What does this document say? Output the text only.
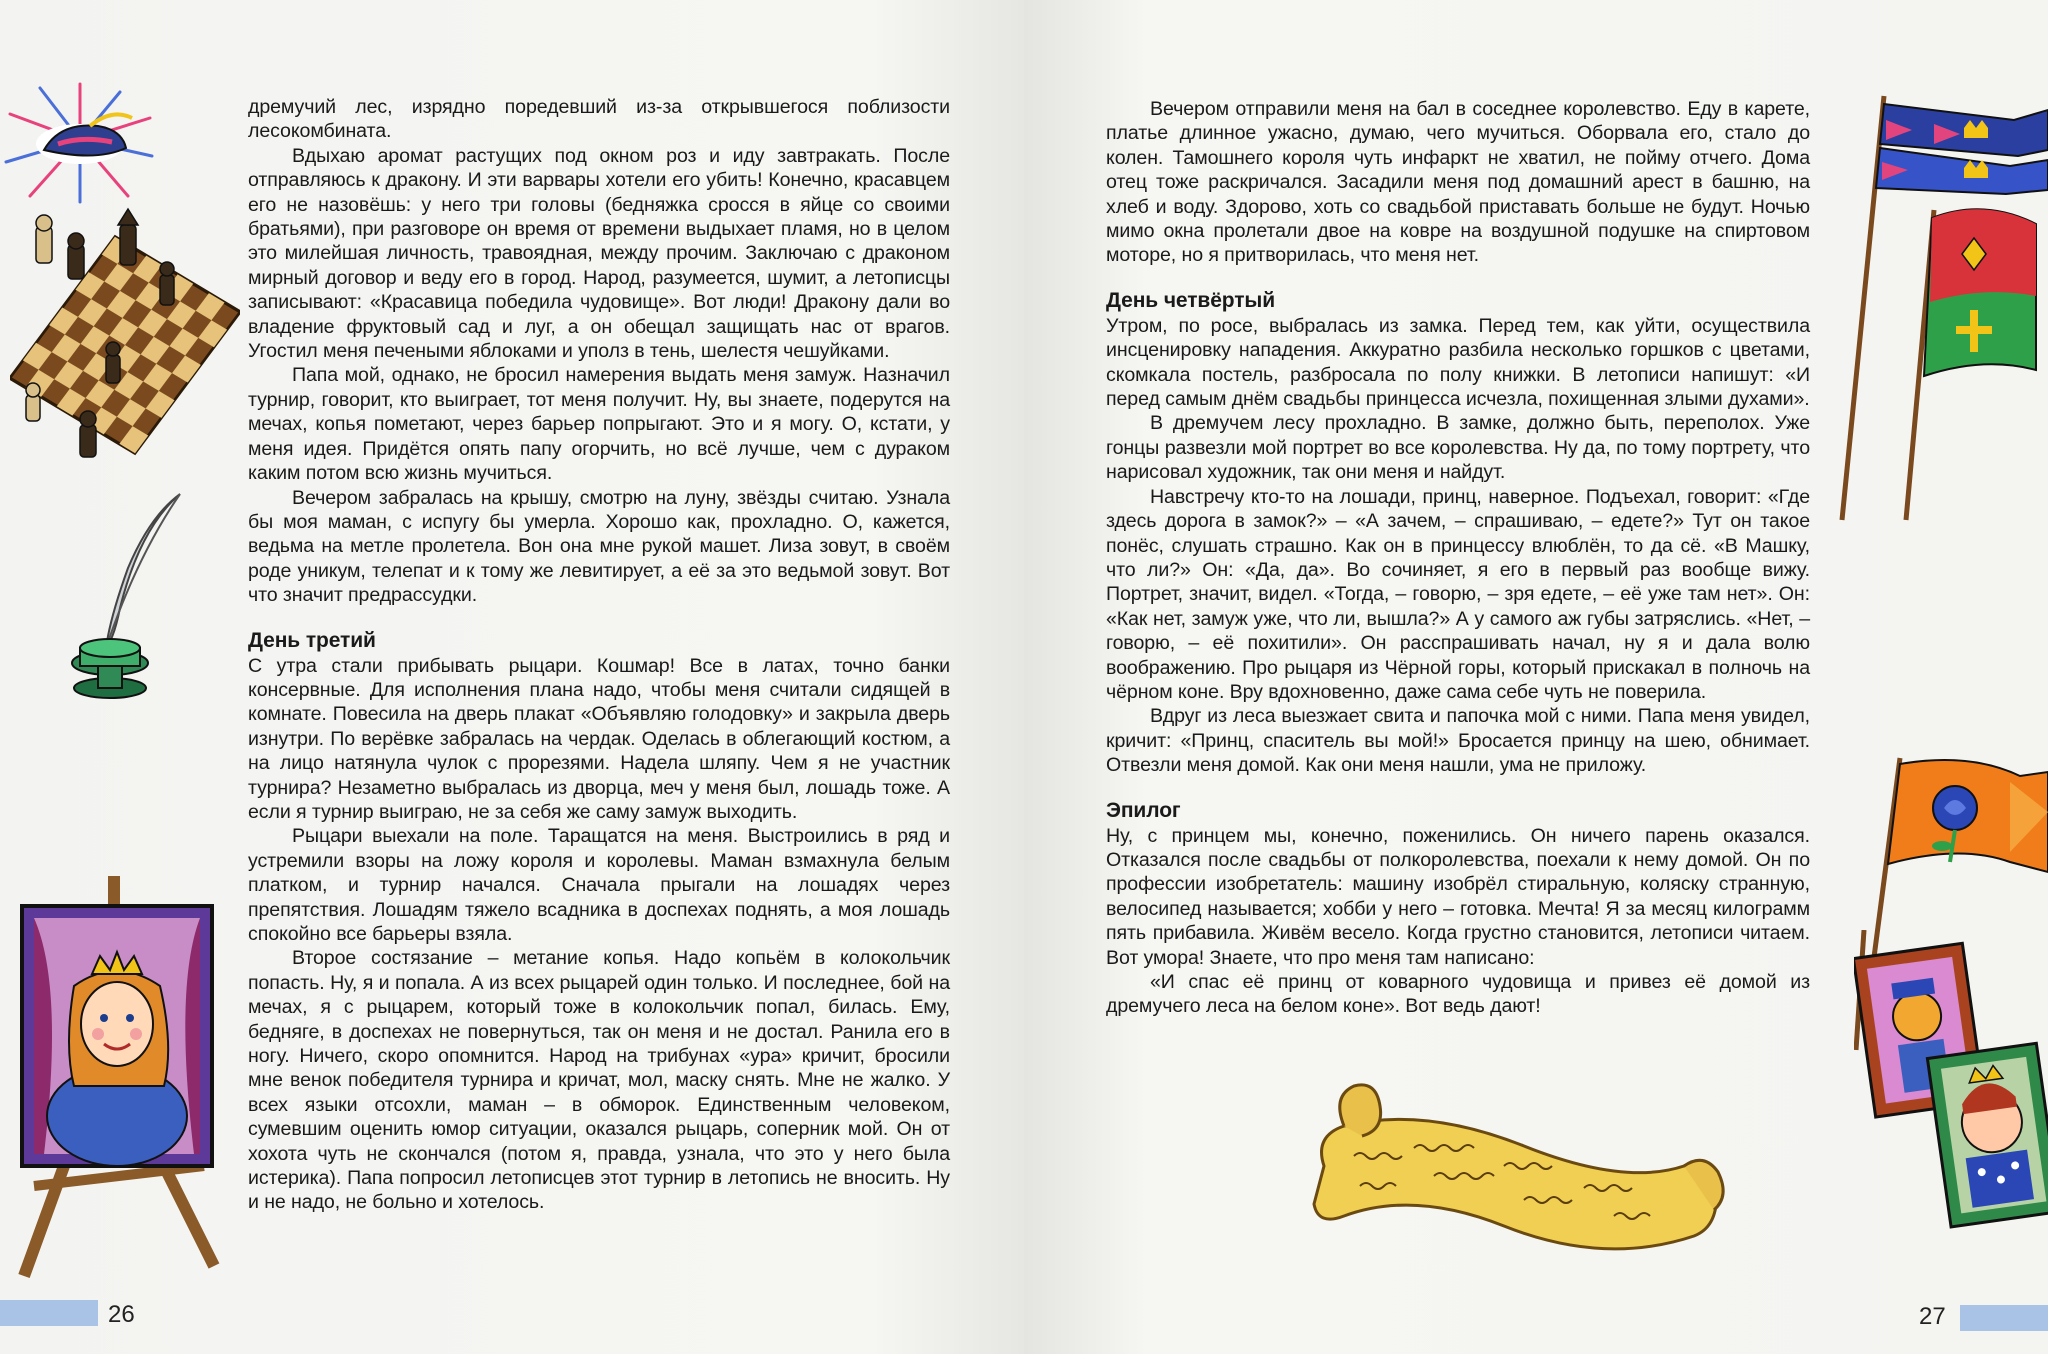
дремучий лес, изрядно поредевший из-за открывшегося поблизости лесокомбината.

Вдыхаю аромат растущих под окном роз и иду завтракать. После отправляюсь к дракону. И эти варвары хотели его убить! Конечно, красавцем его не назовёшь: у него три головы (бедняжка сросся в яйце со своими братьями), при разговоре он время от времени выдыхает пламя, но в целом это милейшая личность, травоядная, между прочим. Заключаю с драконом мирный договор и веду его в город. Народ, разумеется, шумит, а летописцы записывают: «Красавица победила чудовище». Вот люди! Дракону дали во владение фруктовый сад и луг, а он обещал защищать нас от врагов. Угостил меня печеными яблоками и уполз в тень, шелестя чешуйками.

Папа мой, однако, не бросил намерения выдать меня замуж. Назначил турнир, говорит, кто выиграет, тот меня получит. Ну, вы знаете, подерутся на мечах, копья пометают, через барьер попрыгают. Это и я могу. О, кстати, у меня идея. Придётся опять папу огорчить, но всё лучше, чем с дураком каким потом всю жизнь мучиться.

Вечером забралась на крышу, смотрю на луну, звёзды считаю. Узнала бы моя маман, с испугу бы умерла. Хорошо как, прохладно. О, кажется, ведьма на метле пролетела. Вон она мне рукой машет. Лиза зовут, в своём роде уникум, телепат и к тому же левитирует, а её за это ведьмой зовут. Вот что значит предрассудки.

День третий

С утра стали прибывать рыцари. Кошмар! Все в латах, точно банки консервные. Для исполнения плана надо, чтобы меня считали сидящей в комнате. Повесила на дверь плакат «Объявляю голодовку» и закрыла дверь изнутри. По верёвке забралась на чердак. Оделась в облегающий костюм, а на лицо натянула чулок с прорезями. Надела шляпу. Чем я не участник турнира? Незаметно выбралась из дворца, меч у меня был, лошадь тоже. А если я турнир выиграю, не за себя же саму замуж выходить.

Рыцари выехали на поле. Таращатся на меня. Выстроились в ряд и устремили взоры на ложу короля и королевы. Маман взмахнула белым платком, и турнир начался. Сначала прыгали на лошадях через препятствия. Лошадям тяжело всадника в доспехах поднять, а моя лошадь спокойно все барьеры взяла.

Второе состязание – метание копья. Надо копьём в колокольчик попасть. Ну, я и попала. А из всех рыцарей один только. И последнее, бой на мечах, я с рыцарем, который тоже в колокольчик попал, билась. Ему, бедняге, в доспехах не повернуться, так он меня и не достал. Ранила его в ногу. Ничего, скоро опомнится. Народ на трибунах «ура» кричит, бросили мне венок победителя турнира и кричат, мол, маску снять. Мне не жалко. У всех языки отсохли, маман – в обморок. Единственным человеком, сумевшим оценить юмор ситуации, оказался рыцарь, соперник мой. Он от хохота чуть не скончался (потом я, правда, узнала, что это у него была истерика). Папа попросил летописцев этот турнир в летопись не вносить. Ну и не надо, не больно и хотелось.

26

Вечером отправили меня на бал в соседнее королевство. Еду в карете, платье длинное ужасно, думаю, чего мучиться. Оборвала его, стало до колен. Тамошнего короля чуть инфаркт не хватил, не пойму отчего. Дома отец тоже раскричался. Засадили меня под домашний арест в башню, на хлеб и воду. Здорово, хоть со свадьбой приставать больше не будут. Ночью мимо окна пролетали двое на ковре на воздушной подушке на спиртовом моторе, но я притворилась, что меня нет.

День четвёртый

Утром, по росе, выбралась из замка. Перед тем, как уйти, осуществила инсценировку нападения. Аккуратно разбила несколько горшков с цветами, скомкала постель, разбросала по полу книжки. В летописи напишут: «И перед самым днём свадьбы принцесса исчезла, похищенная злыми духами».

В дремучем лесу прохладно. В замке, должно быть, переполох. Уже гонцы развезли мой портрет во все королевства. Ну да, по тому портрету, что нарисовал художник, так они меня и найдут.

Навстречу кто-то на лошади, принц, наверное. Подъехал, говорит: «Где здесь дорога в замок?» – «А зачем, – спрашиваю, – едете?» Тут он такое понёс, слушать страшно. Как он в принцессу влюблён, то да сё. «В Машку, что ли?» Он: «Да, да». Во сочиняет, я его в первый раз вообще вижу. Портрет, значит, видел. «Тогда, – говорю, – зря едете, – её уже там нет». Он: «Как нет, замуж уже, что ли, вышла?» А у самого аж губы затряслись. «Нет, – говорю, – её похитили». Он расспрашивать начал, ну я и дала волю воображению. Про рыцаря из Чёрной горы, который прискакал в полночь на чёрном коне. Вру вдохновенно, даже сама себе чуть не поверила.

Вдруг из леса выезжает свита и папочка мой с ними. Папа меня увидел, кричит: «Принц, спаситель вы мой!» Бросается принцу на шею, обнимает. Отвезли меня домой. Как они меня нашли, ума не приложу.

Эпилог

Ну, с принцем мы, конечно, поженились. Он ничего парень оказался. Отказался после свадьбы от полкоролевства, поехали к нему домой. Он по профессии изобретатель: машину изобрёл стиральную, коляску странную, велосипед называется; хобби у него – готовка. Мечта! Я за месяц килограмм пять прибавила. Живём весело. Когда грустно становится, летописи читаем. Вот умора! Знаете, что про меня там написано:

«И спас её принц от коварного чудовища и привез её домой из дремучего леса на белом коне». Вот ведь дают!

27
